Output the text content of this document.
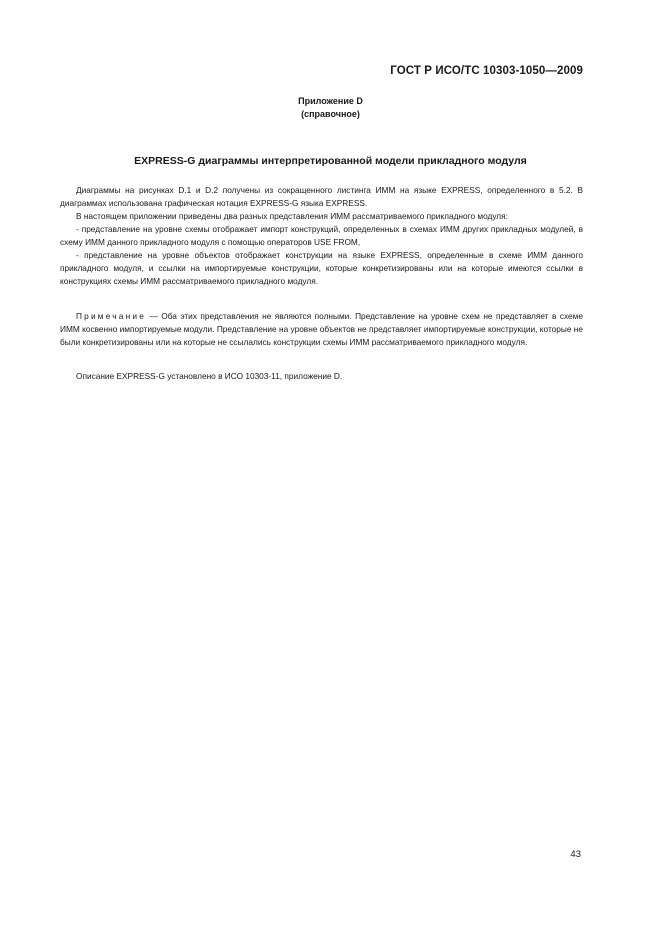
ГОСТ Р ИСО/ТС 10303-1050—2009
Приложение D
(справочное)
EXPRESS-G диаграммы интерпретированной модели прикладного модуля

Диаграммы на рисунках D.1 и D.2 получены из сокращенного листинга ИММ на языке EXPRESS, определенного в 5.2. В диаграммах использована графическая нотация EXPRESS-G языка EXPRESS.

В настоящем приложении приведены два разных представления ИММ рассматриваемого прикладного модуля:

- представление на уровне схемы отображает импорт конструкций, определенных в схемах ИММ других прикладных модулей, в схему ИММ данного прикладного модуля с помощью операторов USE FROM,

- представление на уровне объектов отображает конструкции на языке EXPRESS, определенные в схеме ИММ данного прикладного модуля, и ссылки на импортируемые конструкции, которые конкретизированы или на которые имеются ссылки в конструкциях схемы ИММ рассматриваемого прикладного модуля.

Примечание — Оба этих представления не являются полными. Представление на уровне схем не представляет в схеме ИММ косвенно импортируемые модули. Представление на уровне объектов не представляет импортируемые конструкции, которые не были конкретизированы или на которые не ссылались конструкции схемы ИММ рассматриваемого прикладного модуля.

Описание EXPRESS-G установлено в ИСО 10303-11, приложение D.

43
